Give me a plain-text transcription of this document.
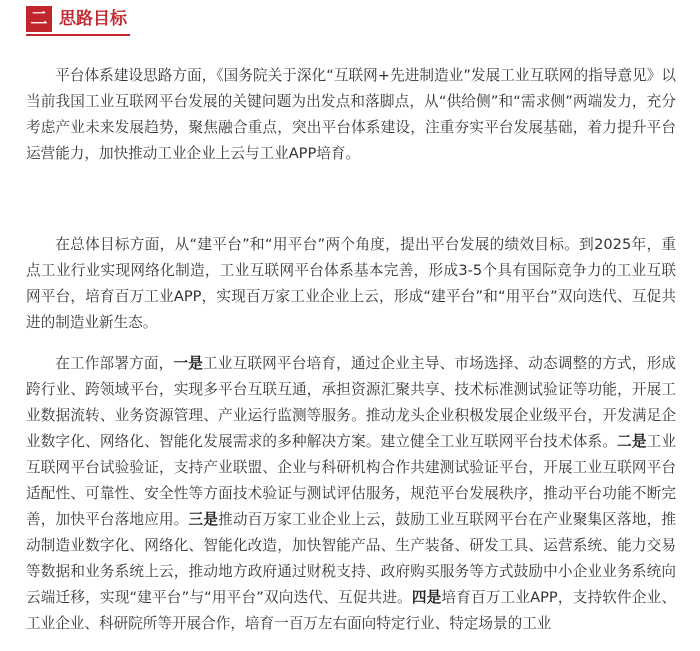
二 思路目标

平台体系建设思路方面，《国务院关于深化“互联网+先进制造业”发展工业互联网的指导意见》以当前我国工业互联网平台发展的关键问题为出发点和落脚点，从“供给侧”和“需求侧”两端发力，充分考虑产业未来发展趋势，聚焦融合重点，突出平台体系建设，注重夯实平台发展基础，着力提升平台运营能力，加快推动工业企业上云与工业APP培育。

在总体目标方面，从“建平台”和“用平台”两个角度，提出平台发展的绩效目标。到2025年，重点工业行业实现网络化制造，工业互联网平台体系基本完善，形成3-5个具有国际竞争力的工业互联网平台，培育百万工业APP，实现百万家工业企业上云，形成“建平台”和“用平台”双向迭代、互促共进的制造业新生态。

在工作部署方面，一是工业互联网平台培育，通过企业主导、市场选择、动态调整的方式，形成跨行业、跨领域平台，实现多平台互联互通，承担资源汇聚共享、技术标准测试验证等功能，开展工业数据流转、业务资源管理、产业运行监测等服务。推动龙头企业积极发展企业级平台，开发满足企业数字化、网络化、智能化发展需求的多种解决方案。建立健全工业互联网平台技术体系。二是工业互联网平台试验验证，支持产业联盟、企业与科研机构合作共建测试验证平台，开展工业互联网平台适配性、可靠性、安全性等方面技术验证与测试评估服务，规范平台发展秩序，推动平台功能不断完善，加快平台落地应用。三是推动百万家工业企业上云，鼓励工业互联网平台在产业聚集区落地，推动制造业数字化、网络化、智能化改造，加快智能产品、生产装备、研发工具、运营系统、能力交易等数据和业务系统上云，推动地方政府通过财税支持、政府购买服务等方式鼓励中小企业业务系统向云端迁移，实现“建平台”与“用平台”双向迭代、互促共进。四是培育百万工业APP，支持软件企业、工业企业、科研院所等开展合作，培育一百万左右面向特定行业、特定场景的工业
